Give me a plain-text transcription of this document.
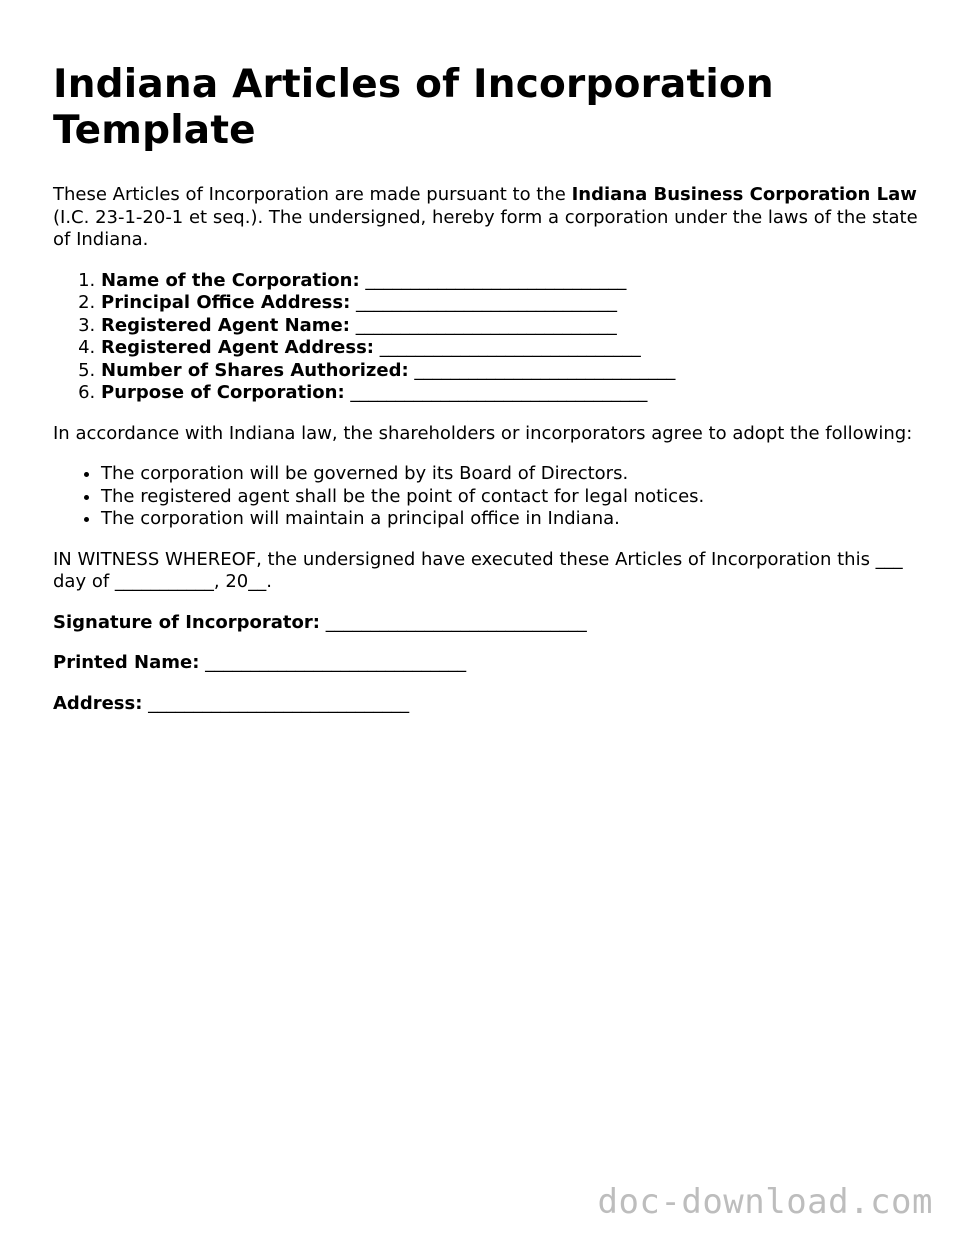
Indiana Articles of Incorporation Template

These Articles of Incorporation are made pursuant to the Indiana Business Corporation Law (I.C. 23-1-20-1 et seq.). The undersigned, hereby form a corporation under the laws of the state of Indiana.

1. Name of the Corporation: _____________________________
2. Principal Office Address: _____________________________
3. Registered Agent Name: _____________________________
4. Registered Agent Address: _____________________________
5. Number of Shares Authorized: _____________________________
6. Purpose of Corporation: _________________________________

In accordance with Indiana law, the shareholders or incorporators agree to adopt the following:

• The corporation will be governed by its Board of Directors.
• The registered agent shall be the point of contact for legal notices.
• The corporation will maintain a principal office in Indiana.

IN WITNESS WHEREOF, the undersigned have executed these Articles of Incorporation this ___ day of ___________, 20__.

Signature of Incorporator: _____________________________

Printed Name: _____________________________

Address: _____________________________

doc-download.com
